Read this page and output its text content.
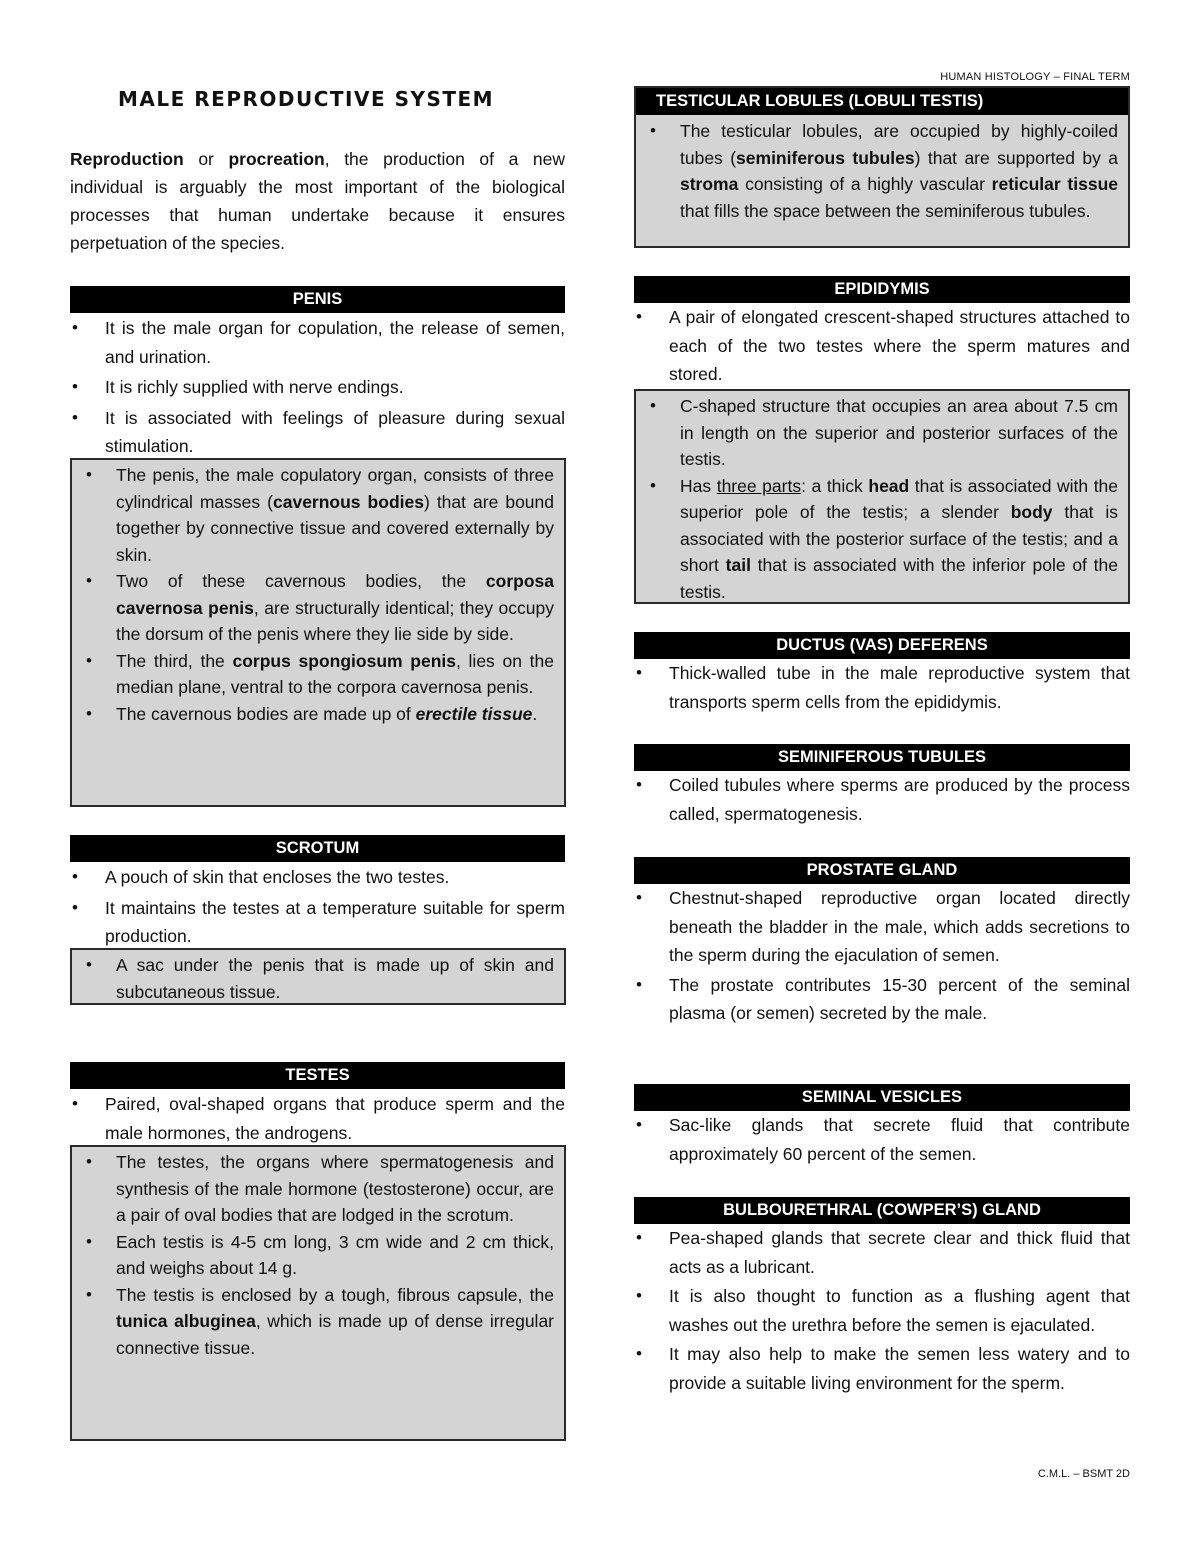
HUMAN HISTOLOGY – FINAL TERM
MALE REPRODUCTIVE SYSTEM

Reproduction or procreation, the production of a new individual is arguably the most important of the biological processes that human undertake because it ensures perpetuation of the species.

PENIS
• It is the male organ for copulation, the release of semen, and urination.
• It is richly supplied with nerve endings.
• It is associated with feelings of pleasure during sexual stimulation.
• The penis, the male copulatory organ, consists of three cylindrical masses (cavernous bodies) that are bound together by connective tissue and covered externally by skin.
• Two of these cavernous bodies, the corposa cavernosa penis, are structurally identical; they occupy the dorsum of the penis where they lie side by side.
• The third, the corpus spongiosum penis, lies on the median plane, ventral to the corpora cavernosa penis.
• The cavernous bodies are made up of erectile tissue.
SCROTUM
• A pouch of skin that encloses the two testes.
• It maintains the testes at a temperature suitable for sperm production.
• A sac under the penis that is made up of skin and subcutaneous tissue.
TESTES
• Paired, oval-shaped organs that produce sperm and the male hormones, the androgens.
• The testes, the organs where spermatogenesis and synthesis of the male hormone (testosterone) occur, are a pair of oval bodies that are lodged in the scrotum.
• Each testis is 4-5 cm long, 3 cm wide and 2 cm thick, and weighs about 14 g.
• The testis is enclosed by a tough, fibrous capsule, the tunica albuginea, which is made up of dense irregular connective tissue.
TESTICULAR LOBULES (LOBULI TESTIS)
• The testicular lobules, are occupied by highly-coiled tubes (seminiferous tubules) that are supported by a stroma consisting of a highly vascular reticular tissue that fills the space between the seminiferous tubules.
EPIDIDYMIS
• A pair of elongated crescent-shaped structures attached to each of the two testes where the sperm matures and stored.
• C-shaped structure that occupies an area about 7.5 cm in length on the superior and posterior surfaces of the testis.
• Has three parts: a thick head that is associated with the superior pole of the testis; a slender body that is associated with the posterior surface of the testis; and a short tail that is associated with the inferior pole of the testis.
DUCTUS (VAS) DEFERENS
• Thick-walled tube in the male reproductive system that transports sperm cells from the epididymis.
SEMINIFEROUS TUBULES
• Coiled tubules where sperms are produced by the process called, spermatogenesis.
PROSTATE GLAND
• Chestnut-shaped reproductive organ located directly beneath the bladder in the male, which adds secretions to the sperm during the ejaculation of semen.
• The prostate contributes 15-30 percent of the seminal plasma (or semen) secreted by the male.
SEMINAL VESICLES
• Sac-like glands that secrete fluid that contribute approximately 60 percent of the semen.
BULBOURETHRAL (COWPER’S) GLAND
• Pea-shaped glands that secrete clear and thick fluid that acts as a lubricant.
• It is also thought to function as a flushing agent that washes out the urethra before the semen is ejaculated.
• It may also help to make the semen less watery and to provide a suitable living environment for the sperm.
C.M.L. – BSMT 2D
